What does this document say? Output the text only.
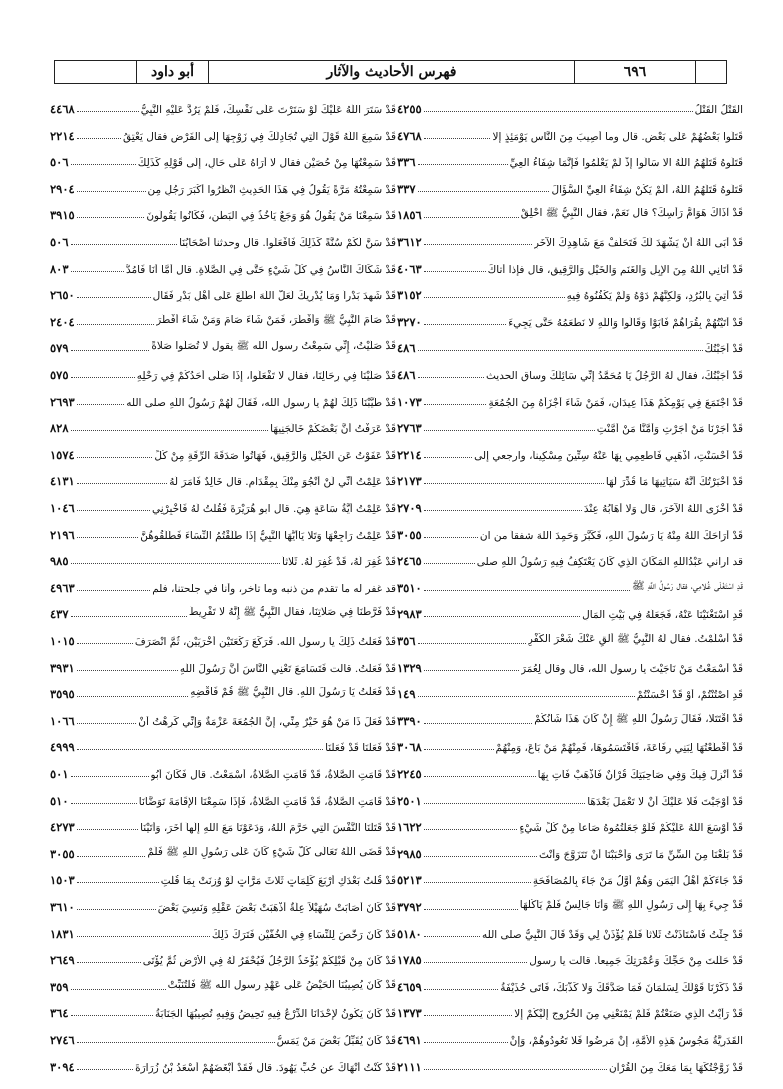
٦٩٦
فهرس الأحاديث والآثار
أبو داود
القَتْلُ القَتْلُ
٤٢٥٥
قَتَلُوا بَعْضُهُمْ عَلَى بَعْضٍ. قال وما أُصِيبَ مِنَ النَّاسِ يَوْمَئِذٍ إلا
٤٧٦٨
قَتَلُوهُ قَتَلَهُمُ اللَّهُ الا سَأَلُوا إِذْ لَمْ يَعْلَمُوا فَإِنَّمَا شِفَاءُ العِيِّ
٣٣٦
قَتَلُوهُ قَتَلَهُمُ اللَّهُ، أَلَمْ يَكُنْ شِفَاءُ العِيِّ السُّؤَالَ
٣٣٧
قَدْ آذَاكَ هَوَامُّ رَأْسِكَ؟ قال نَعَمْ، فقال النَّبِيُّ ﷺ احْلِقْ
١٨٥٦
قَدْ أَبَى اللَّهُ أَنْ يَشْهَدَ لَكَ فَتَحَلَّفْ مَعَ شَاهِدِكَ الآخَرِ
٣٦١٢
قَدْ أَتَانِي اللَّهُ مِنَ الإِبِلِ وَالغَنَمِ وَالخَيْلِ وَالرَّقِيقِ، قال فإذا أتاكَ
٤٠٦٣
قَدْ أُتِيَ بِالبُرُدِ، وَلَكِنَّهُمْ دَوْهُ وَلَمْ يَكْفُنُوهُ فِيهِ
٣١٥٢
قَدْ أَتَيْتُهُمْ بِقُرَاهُمْ فَأَبَوْا وَقَالُوا وَاللَّهِ لا نَطْعَمُهُ حَتَّى يَجِيءَ
٣٢٧٠
قَدْ أَجَبْتُكَ
٤٨٦
قَدْ أَجَبْتُكَ، فقال لَهُ الرَّجُلُ يَا مُحَمَّدُ إِنِّي سَائِلُكَ وساق الحديث
٤٨٦
قَدْ اجْتَمَعَ فِي يَوْمِكُمْ هَذَا عِيدَانِ، فَمَنْ شَاءَ أَجْزَأَهُ مِنَ الجُمُعَةِ
١٠٧٣
قَدْ أَجَرْنَا مَنْ أَجَرْتِ وَأَمَّنَّا مَنْ أَمَّنْتِ
٢٧٦٣
قَدْ أَحْسَنْتِ، اذْهَبِي فَأَطْعِمِي بِهَا عَنْهُ سِتِّينَ مِسْكِيناً، وارجعي إلى
٢٢١٤
قَدْ أَخْبَرْتُكَ أَنَّهُ سَيَأْتِيهَا مَا قُدِّرَ لَهَا
٢١٧٣
قَدْ أَخْزَى اللَّهُ الآخَرَ، قال وَلا أَهَابُهُ عِنْدَ
٢٧٠٩
قَدْ أَرَاحَكَ اللَّهُ مِنْهُ يَا رَسُولَ اللَّهِ، فَكَبَّرَ وَحَمِدَ اللهَ شفقاً من ان
٣٠٥٥
قد اراني عَبْدُاللهِ المَكَانَ الَّذِي كَانَ يَعْتَكِفُ فِيهِ رَسُولُ اللَّهِ صلى
٢٤٦٥
قَدِ اسْتَغْلَى غُلامِي، فقال رَسُولُ اللَّهِ ﷺ
٣٥١٠
قَدِ اسْتَغْنَيْنَا عَنْهُ، فَجَعَلَهُ فِي بَيْتِ المَالِ
٢٩٨٣
قَدْ أَسْلَمْتُ. فقال لَهُ النَّبِيُّ ﷺ أَلْقِ عَنْكَ شَعْرَ الكُفْرِ
٣٥٦
قَدْ أَسْمَعْتُ مَنْ نَاجَيْتَ يا رسول الله، قال وقال لِعُمَرَ
١٣٢٩
قَدِ اصْتُنْتُمْ، أَوْ قَدْ احْسَنْتُمْ
١٤٩
قَدْ اقْتَتَلا، فَقَالَ رَسُولُ اللَّهِ ﷺ إِنْ كَانَ هَذَا شَأْنُكُمْ
٣٣٩٠
قَدْ أَقْطَعْتُهَا لِبَنِي رِفَاعَةَ، فَاقْتَسَمُوهَا، فَمِنْهُمْ مَنْ بَاعَ، وَمِنْهُمْ
٣٠٦٨
قَدْ أُنْزِلَ فِيكَ وَفِي صَاحِبَتِكَ قُرْآنٌ فَاذْهَبْ فَأْتِ بِهَا
٢٢٤٥
قَدْ أَوْجَبْتَ فَلا عَلَيْكَ أَنْ لا تَعْمَلَ بَعْدَهَا
٢٥٠١
قَدْ أَوْسَعَ اللَّهُ عَلَيْكُمْ فَلَوْ جَعَلْتُمُوهُ صَاعاً مِنْ كُلِّ شَيْءٍ
١٦٢٢
قَدْ بَلَغْنَا مِنَ السِّنِّ مَا تَرَى وَأَحْبَبْنَا أَنْ تَتَزَوَّجَ وَأَنْتَ
٢٩٨٥
قَدْ جَاءَكُمْ أَهْلُ اليَمَنِ وَهُمْ أَوَّلُ مَنْ جَاءَ بِالمُصَافَحَةِ
٥٢١٣
قَدْ جِيءَ بِهَا إِلَى رَسُولِ اللَّهِ ﷺ وَأَنَا جَالِسٌ فَلَمْ يَأْكُلْهَا
٣٧٩٢
قَدْ جِئْتُ فَاسْتَأْذَنْتُ ثَلاثاً فَلَمْ يُؤْذَنْ لِي وَقَدْ قَالَ النَّبِيُّ صلى الله
٥١٨٠
قَدْ حَلَلْتَ مِنْ حَجِّكَ وَعُمْرَتِكَ جَمِيعاً. قالت يا رسول
١٧٨٥
قَدْ ذَكَرْنَا قَوْلَكَ لِسَلْمَانَ فَمَا صَدَّقَكَ وَلا كَذَّبَكَ، فَأَتَى حُذَيْفَةُ
٤٦٥٩
قَدْ رَأَيْتُ الَّذِي صَنَعْتُمْ فَلَمْ يَمْنَعْنِي مِنَ الخُرُوجِ إِلَيْكُمْ إِلا
١٣٧٣
القَدَرِيَّةُ مَجُوسُ هَذِهِ الأُمَّةِ، إِنْ مَرِضُوا فَلا تَعُودُوهُمْ، وَإِنْ
٤٦٩١
قَدْ زَوَّجْتُكَهَا بِمَا مَعَكَ مِنَ القُرْآنِ
٢١١١
قَدْ سَتَرَ اللَّهُ عَلَيْكَ لَوْ سَتَرْتَ عَلَى نَفْسِكَ، فَلَمْ يَرُدَّ عَلَيْهِ النَّبِيُّ
٤٤٦٨
قَدْ سَمِعَ اللَّهُ قَوْلَ الَّتِي تُجَادِلُكَ فِي زَوْجِهَا إِلَى الفَرْضِ فقال يَعْتِقُ
٢٢١٤
قَدْ سَمِعْتُهَا مِنْ حُصَيْنٍ فقال لا أَرَاهُ عَلَى حَالٍ، إِلَى قَوْلِهِ كَذَلِكَ
٥٠٦
قَدْ سَمِعْتُهُ مَرَّةً يَقُولُ فِي هَذَا الحَدِيثِ انْظُرُوا أَكْبَرَ رَجُلٍ مِن
٢٩٠٤
قَدْ سَمِعْنَا مَنْ يَقُولُ هُوَ وَجَعٌ يَأْخُذُ فِي البَطْنِ، فَكَانُوا يَقُولُونَ
٣٩١٥
قَدْ سَنَّ لَكُمْ سُنَّةً كَذَلِكَ فَافْعَلُوا. قال وحدثنا أَصْحَابُنَا
٥٠٦
قَدْ شَكَاكَ النَّاسُ فِي كُلِّ شَيْءٍ حَتَّى فِي الصَّلاةِ. قال أَمَّا أَنَا فَأَمُدُّ
٨٠٣
قَدْ شَهِدَ بَدْراً وَمَا يُدْرِيكَ لَعَلَّ اللَّهَ اطَّلَعَ عَلَى أَهْلِ بَدْرٍ فَقَال
٢٦٥٠
قَدْ صَامَ النَّبِيُّ ﷺ وَأَفْطَرَ، فَمَنْ شَاءَ صَامَ وَمَنْ شَاءَ أَفْطَرَ
٢٤٠٤
قَدْ صَلَّيْتُ، إِنِّي سَمِعْتُ رسول الله ﷺ يقول لا تُصَلُّوا صَلاةً
٥٧٩
قَدْ صَلَّيْنَا فِي رِحَالِنَا، فقال لا تَفْعَلُوا، إِذَا صَلَّى أَحَدُكُمْ فِي رَحْلِهِ
٥٧٥
قَدْ طَيَّبْنَا ذَلِكَ لَهُمْ يا رسول الله، فَقَالَ لَهُمْ رَسُولُ اللَّهِ صلى الله
٢٦٩٣
قَدْ عَرَفْتُ أَنَّ بَعْضَكُمْ خَالَجَنِيهَا
٨٢٨
قَدْ عَفَوْتُ عَنِ الخَيْلِ وَالرَّقِيقِ، فَهَاتُوا صَدَقَةَ الرِّقَةِ مِنْ كُلِّ
١٥٧٤
قَدْ عَلِمْتُ أَنِّي لَنْ أَنْجُوَ مِنْكَ بِمِقْدَامٍ. قال خَالِدٌ فَأَمَرَ لَهُ
٤١٣١
قَدْ عَلِمْتُ أَيَّةُ سَاعَةٍ هِيَ. قال ابو هُرَيْرَةَ فَقُلْتُ لَهُ فَأَخْبِرْنِي
١٠٤٦
قَدْ عَلِمْتُ رَاجِعْهَا وَتَلا يَاأَيُّهَا النَّبِيُّ إِذَا طَلَّقْتُمُ النِّسَاءَ فَطَلِّقُوهُنَّ
٢١٩٦
قَدْ غُفِرَ لَهُ، قَدْ غُفِرَ لَهُ. ثَلاثاً
٩٨٥
قد غفر له ما تقدم من ذنبه وما تأخر، وأنا في جلحتنا، فلم
٤٩٦٣
قَدْ فَرَّطْنَا فِي صَلاتِنَا، فقال النَّبِيُّ ﷺ إِنَّهُ لا تَفْرِيطَ
٤٣٧
قَدْ فَعَلْتُ ذَلِكَ يا رسول الله. فَرَكَعَ رَكْعَتَيْنِ أُخْرَيَيْنِ، ثُمَّ انْصَرَفَ
١٠١٥
قَدْ فَعَلْتُ. قالت فَتَسَامَعَ تَعْنِي النَّاسَ أَنَّ رَسُولَ اللَّهِ
٣٩٣١
قَدْ فَعَلْتُ يَا رَسُولَ اللَّهِ. قال النَّبِيُّ ﷺ قُمْ فَاقْضِهِ
٣٥٩٥
قَدْ فَعَلَ ذَا مَنْ هُوَ خَيْرٌ مِنِّي، إِنَّ الجُمُعَةَ عَزْمَةٌ وَإِنِّي كَرِهْتُ أَنْ
١٠٦٦
قَدْ فَعَلْنَا قَدْ فَعَلْنَا
٤٩٩٩
قَدْ قَامَتِ الصَّلاةُ، قَدْ قَامَتِ الصَّلاةُ، أَسْمَعْتُ. قال فَكَانَ أَبُو
٥٠١
قَدْ قَامَتِ الصَّلاةُ، قَدْ قَامَتِ الصَّلاةُ، فَإِذَا سَمِعْنَا الإِقَامَةَ تَوَضَّأْنَا
٥١٠
قَدْ قَتَلْنَا النَّفْسَ الَّتِي حَرَّمَ اللهُ، وَدَعَوْنَا مَعَ اللهِ إِلَهاً آخَرَ، وَأَتَيْنَا
٤٢٧٣
قَدْ قَضَى اللَّهُ تَعَالَى كُلَّ شَيْءٍ كَانَ عَلَى رَسُولِ اللَّهِ ﷺ فَلَمْ
٣٠٥٥
قَدْ قُلْتُ بَعْدَكِ أَرْبَعَ كَلِمَاتٍ ثَلاثَ مَرَّاتٍ لَوْ وُزِنَتْ بِمَا قُلْتِ
١٥٠٣
قَدْ كَانَ أَصَابَتْ سُهَيْلاً عِلَّةٌ أَذْهَبَتْ بَعْضَ عَقْلِهِ وَنَسِيَ بَعْضَ
٣٦١٠
قَدْ كَانَ رَخَّصَ لِلنِّسَاءِ فِي الخُفَّيْنِ فَتَرَكَ ذَلِكَ
١٨٣١
قَدْ كَانَ مِنْ قَبْلِكُمْ يُؤْخَذُ الرَّجُلُ فَيُحْفَرُ لَهُ فِي الأَرْضِ ثُمَّ يُؤْتَى
٢٦٤٩
قَدْ كَانَ يُصِيبُنَا الحَيْضُ عَلَى عَهْدِ رسول الله ﷺ فَلْتُنَبِّتْ
٣٥٩
قَدْ كَانَ يَكُونُ لإِحْدَانَا الدِّرْعُ فِيهِ تَحِيضُ وَفِيهِ تُصِيبُهَا الجَنَابَةُ
٣٦٤
قَدْ كَانَ يُقَبِّلُ بَعْضَ مَنْ يَمَسُّ
٢٧٤٦
قَدْ كُنْتُ أَنْهَاكَ عن حُبِّ يَهُودَ. قال فَقَدْ أَبْغَضَهُمْ أَسْعَدُ بْنُ زُرَارَةَ
٣٠٩٤
